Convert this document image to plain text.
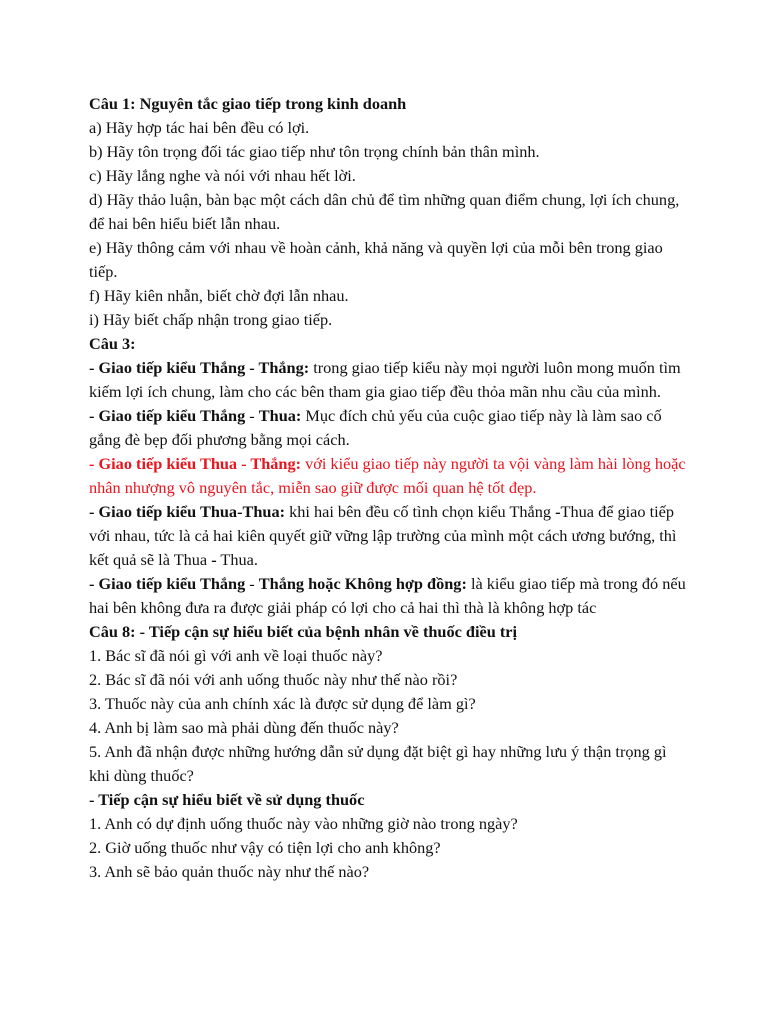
Câu 1: Nguyên tắc giao tiếp trong kinh doanh

a) Hãy hợp tác hai bên đều có lợi.

b) Hãy tôn trọng đối tác giao tiếp như tôn trọng chính bản thân mình.

c) Hãy lắng nghe và nói với nhau hết lời.

d) Hãy thảo luận, bàn bạc một cách dân chủ để tìm những quan điểm chung, lợi ích chung, để hai bên hiểu biết lẫn nhau.

e) Hãy thông cảm với nhau về hoàn cảnh, khả năng và quyền lợi của mỗi bên trong giao tiếp.

f) Hãy kiên nhẫn, biết chờ đợi lẫn nhau.

i) Hãy biết chấp nhận trong giao tiếp.

Câu 3:

- Giao tiếp kiểu Thắng - Thắng: trong giao tiếp kiểu này mọi người luôn mong muốn tìm kiếm lợi ích chung, làm cho các bên tham gia giao tiếp đều thỏa mãn nhu cầu của mình.

- Giao tiếp kiểu Thắng - Thua: Mục đích chủ yếu của cuộc giao tiếp này là làm sao cố gắng đè bẹp đối phương bằng mọi cách.

- Giao tiếp kiểu Thua - Thắng: với kiểu giao tiếp này người ta vội vàng làm hài lòng hoặc nhân nhượng vô nguyên tắc, miễn sao giữ được mối quan hệ tốt đẹp.

- Giao tiếp kiểu Thua-Thua: khi hai bên đều cố tình chọn kiểu Thắng -Thua để giao tiếp với nhau, tức là cả hai kiên quyết giữ vững lập trường của mình một cách ương bướng, thì kết quả sẽ là Thua - Thua.

- Giao tiếp kiểu Thắng - Thắng hoặc Không hợp đồng: là kiểu giao tiếp mà trong đó nếu hai bên không đưa ra được giải pháp có lợi cho cả hai thì thà là không hợp tác

Câu 8: - Tiếp cận sự hiểu biết của bệnh nhân về thuốc điều trị

1. Bác sĩ đã nói gì với anh về loại thuốc này?

2. Bác sĩ đã nói với anh uống thuốc này như thế nào rồi?

3. Thuốc này của anh chính xác là được sử dụng để làm gì?

4. Anh bị làm sao mà phải dùng đến thuốc này?

5. Anh đã nhận được những hướng dẫn sử dụng đặt biệt gì hay những lưu ý thận trọng gì khi dùng thuốc?

- Tiếp cận sự hiểu biết về sử dụng thuốc

1. Anh có dự định uống thuốc này vào những giờ nào trong ngày?

2. Giờ uống thuốc như vậy có tiện lợi cho anh không?

3. Anh sẽ bảo quản thuốc này như thế nào?
